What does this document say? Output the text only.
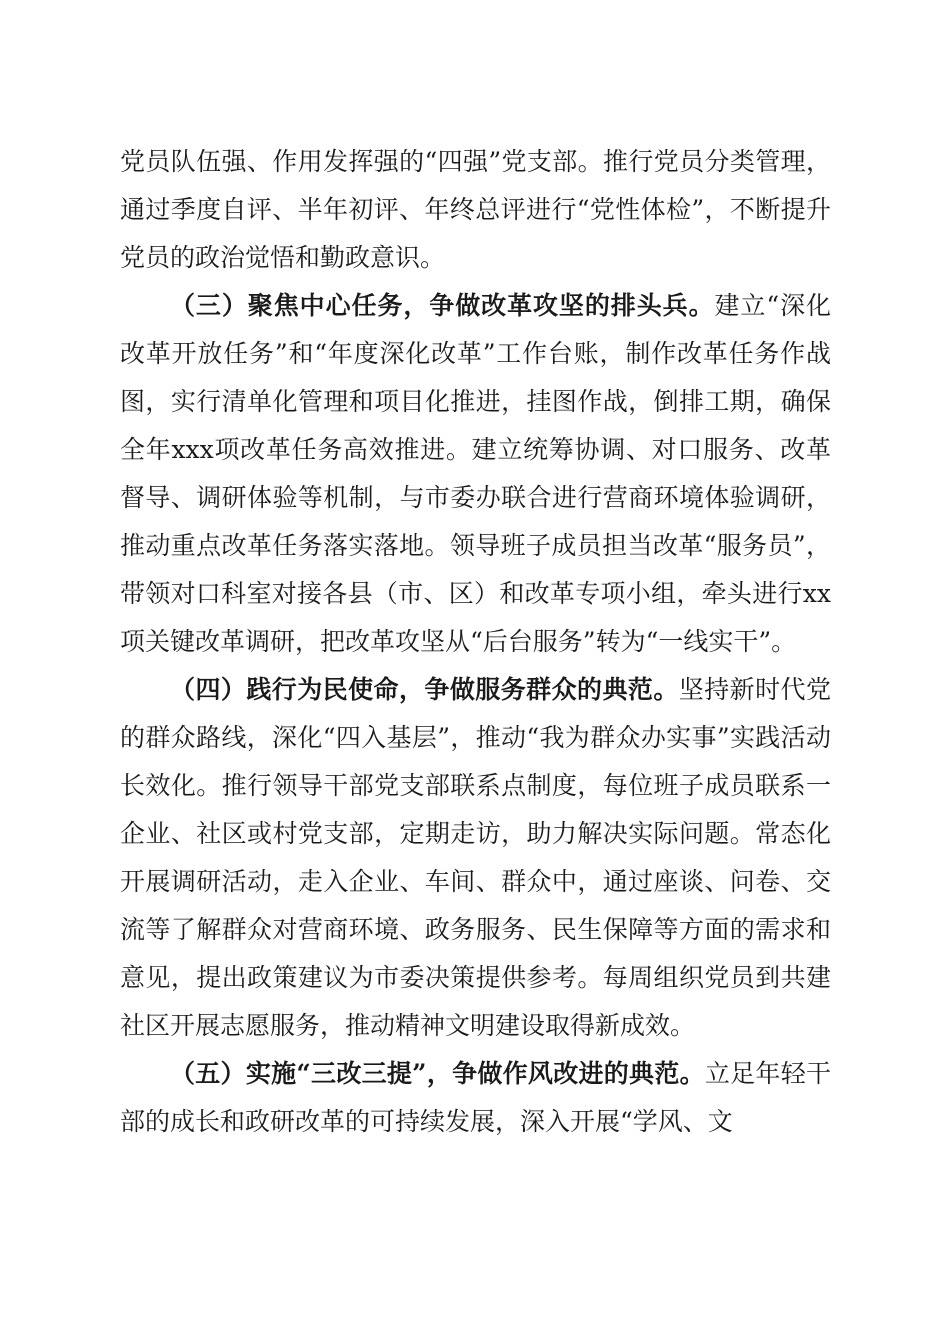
党员队伍强、作用发挥强的“四强”党支部。推行党员分类管理，通过季度自评、半年初评、年终总评进行“党性体检”，不断提升党员的政治觉悟和勤政意识。

（三）聚焦中心任务，争做改革攻坚的排头兵。建立“深化改革开放任务”和“年度深化改革”工作台账，制作改革任务作战图，实行清单化管理和项目化推进，挂图作战，倒排工期，确保全年xxx项改革任务高效推进。建立统筹协调、对口服务、改革督导、调研体验等机制，与市委办联合进行营商环境体验调研，推动重点改革任务落实落地。领导班子成员担当改革“服务员”，带领对口科室对接各县（市、区）和改革专项小组，牵头进行xx项关键改革调研，把改革攻坚从“后台服务”转为“一线实干”。

（四）践行为民使命，争做服务群众的典范。坚持新时代党的群众路线，深化“四入基层”，推动“我为群众办实事”实践活动长效化。推行领导干部党支部联系点制度，每位班子成员联系一企业、社区或村党支部，定期走访，助力解决实际问题。常态化开展调研活动，走入企业、车间、群众中，通过座谈、问卷、交流等了解群众对营商环境、政务服务、民生保障等方面的需求和意见，提出政策建议为市委决策提供参考。每周组织党员到共建社区开展志愿服务，推动精神文明建设取得新成效。

（五）实施“三改三提”，争做作风改进的典范。立足年轻干部的成长和政研改革的可持续发展，深入开展“学风、文
